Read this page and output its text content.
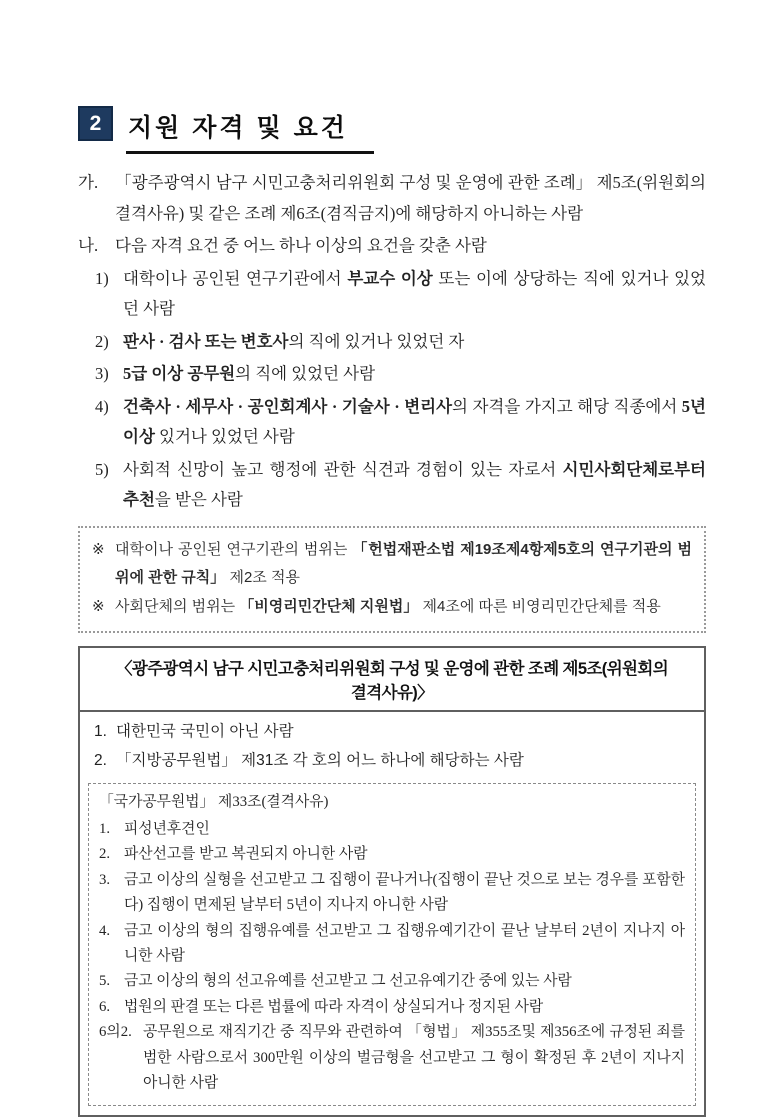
2	지원 자격 및 요건
가. 「광주광역시 남구 시민고충처리위원회 구성 및 운영에 관한 조례」 제5조(위원회의 결격사유) 및 같은 조례 제6조(겸직금지)에 해당하지 아니하는 사람
나. 다음 자격 요건 중 어느 하나 이상의 요건을 갖춘 사람
1) 대학이나 공인된 연구기관에서 부교수 이상 또는 이에 상당하는 직에 있거나 있었던 사람
2) 판사 · 검사 또는 변호사의 직에 있거나 있었던 자
3) 5급 이상 공무원의 직에 있었던 사람
4) 건축사 · 세무사 · 공인회계사 · 기술사 · 변리사의 자격을 가지고 해당 직종에서 5년 이상 있거나 있었던 사람
5) 사회적 신망이 높고 행정에 관한 식견과 경험이 있는 자로서 시민사회단체로부터 추천을 받은 사람
※ 대학이나 공인된 연구기관의 범위는 「헌법재판소법 제19조제4항제5호의 연구기관의 범위에 관한 규칙」 제2조 적용
※ 사회단체의 범위는 「비영리민간단체 지원법」 제4조에 따른 비영리민간단체를 적용
〈광주광역시 남구 시민고충처리위원회 구성 및 운영에 관한 조례 제5조(위원회의 결격사유)〉
1. 대한민국 국민이 아닌 사람
2. 「지방공무원법」 제31조 각 호의 어느 하나에 해당하는 사람
「국가공무원법」 제33조(결격사유)
1. 피성년후견인
2. 파산선고를 받고 복권되지 아니한 사람
3. 금고 이상의 실형을 선고받고 그 집행이 끝나거나(집행이 끝난 것으로 보는 경우를 포함한다) 집행이 면제된 날부터 5년이 지나지 아니한 사람
4. 금고 이상의 형의 집행유예를 선고받고 그 집행유예기간이 끝난 날부터 2년이 지나지 아니한 사람
5. 금고 이상의 형의 선고유예를 선고받고 그 선고유예기간 중에 있는 사람
6. 법원의 판결 또는 다른 법률에 따라 자격이 상실되거나 정지된 사람
6의2. 공무원으로 재직기간 중 직무와 관련하여 「형법」 제355조및 제356조에 규정된 죄를 범한 사람으로서 300만원 이상의 벌금형을 선고받고 그 형이 확정된 후 2년이 지나지 아니한 사람
